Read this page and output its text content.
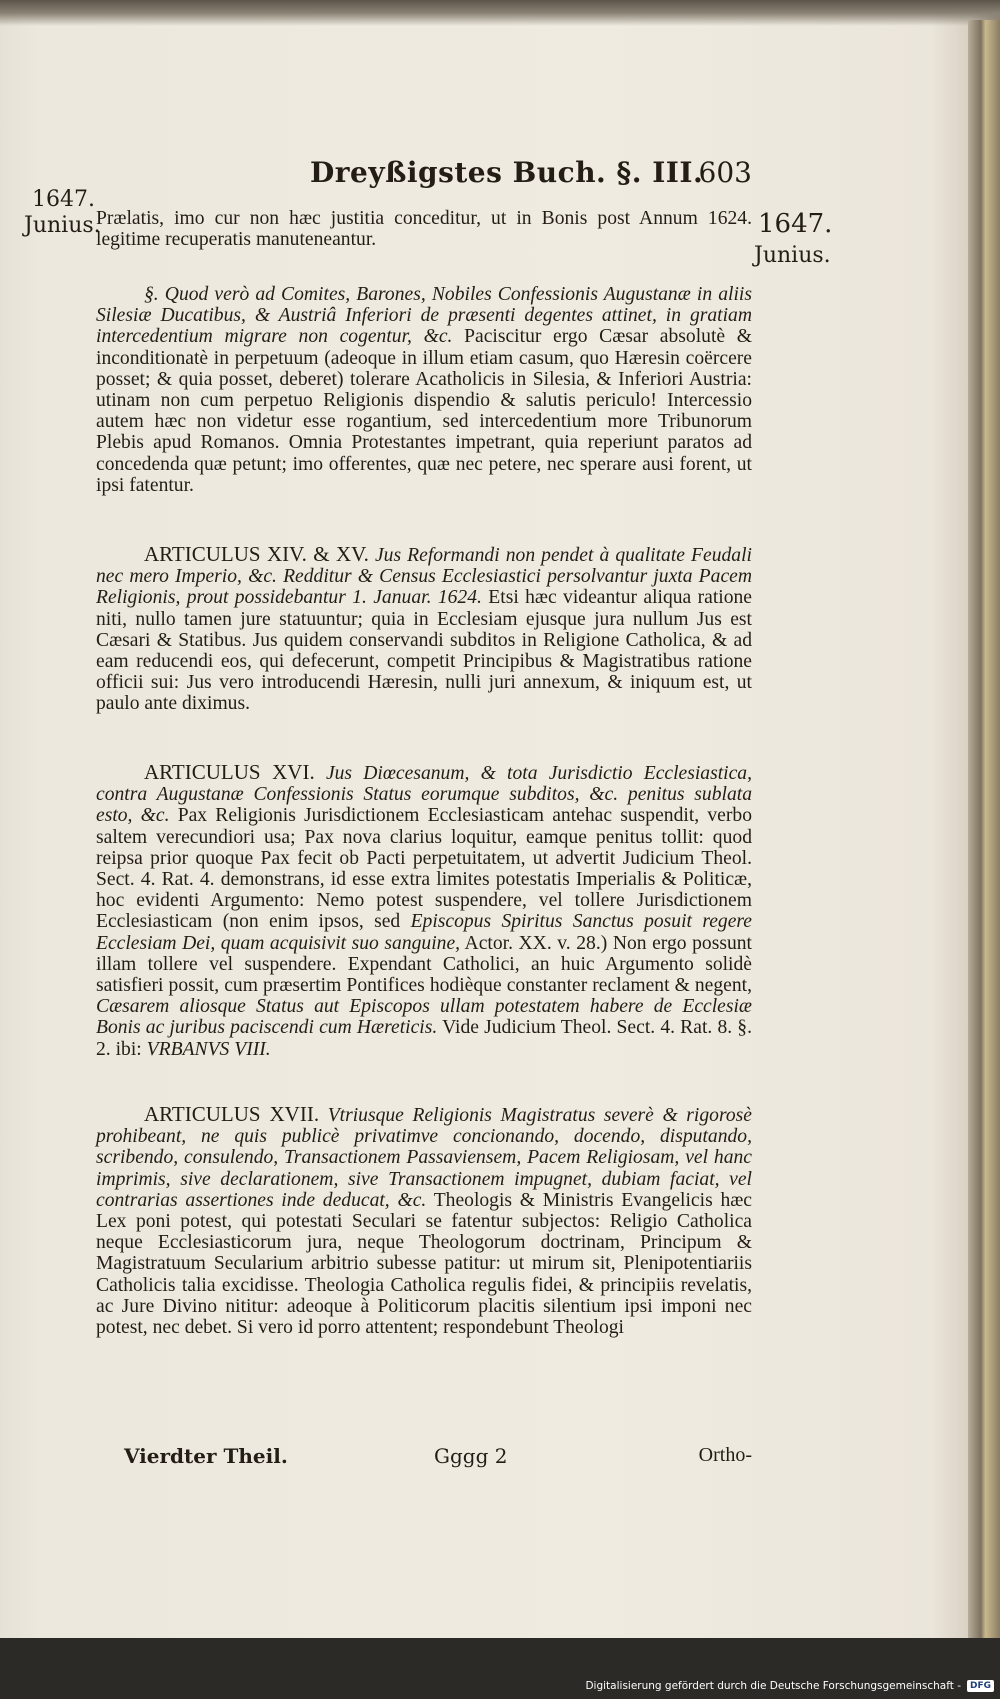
Dreyßigstes Buch. §. III.
603
1647.
Junius.	1647.
Junius.

Prælatis, imo cur non hæc justitia conceditur, ut in Bonis post Annum 1624. legitime recuperatis manuteneantur.

§. Quod verò ad Comites, Barones, Nobiles Confessionis Augustanæ in aliis Silesiæ Ducatibus, & Austriâ Inferiori de præsenti degentes attinet, in gratiam intercedentium migrare non cogentur, &c. Paciscitur ergo Cæsar absolutè & inconditionatè in perpetuum (adeoque in illum etiam casum, quo Hæresin coërcere posset; & quia posset, deberet) tolerare Acatholicis in Silesia, & Inferiori Austria: utinam non cum perpetuo Religionis dispendio & salutis periculo! Intercessio autem hæc non videtur esse rogantium, sed intercedentium more Tribunorum Plebis apud Romanos. Omnia Protestantes impetrant, quia reperiunt paratos ad concedenda quæ petunt; imo offerentes, quæ nec petere, nec sperare ausi forent, ut ipsi fatentur.

ARTICULUS XIV. & XV. Jus Reformandi non pendet à qualitate Feudali nec mero Imperio, &c. Redditur & Census Ecclesiastici persolvantur juxta Pacem Religionis, prout possidebantur 1. Januar. 1624. Etsi hæc videantur aliqua ratione niti, nullo tamen jure statuuntur; quia in Ecclesiam ejusque jura nullum Jus est Cæsari & Statibus. Jus quidem conservandi subditos in Religione Catholica, & ad eam reducendi eos, qui defecerunt, competit Principibus & Magistratibus ratione officii sui: Jus vero introducendi Hæresin, nulli juri annexum, & iniquum est, ut paulo ante diximus.

ARTICULUS XVI. Jus Diœcesanum, & tota Jurisdictio Ecclesiastica, contra Augustanæ Confessionis Status eorumque subditos, &c. penitus sublata esto, &c. Pax Religionis Jurisdictionem Ecclesiasticam antehac suspendit, verbo saltem verecundiori usa; Pax nova clarius loquitur, eamque penitus tollit: quod reipsa prior quoque Pax fecit ob Pacti perpetuitatem, ut advertit Judicium Theol. Sect. 4. Rat. 4. demonstrans, id esse extra limites potestatis Imperialis & Politicæ, hoc evidenti Argumento: Nemo potest suspendere, vel tollere Jurisdictionem Ecclesiasticam (non enim ipsos, sed Episcopus Spiritus Sanctus posuit regere Ecclesiam Dei, quam acquisivit suo sanguine, Actor. XX. v. 28.) Non ergo possunt illam tollere vel suspendere. Expendant Catholici, an huic Argumento solidè satisfieri possit, cum præsertim Pontifices hodièque constanter reclament & negent, Cæsarem aliosque Status aut Episcopos ullam potestatem habere de Ecclesiæ Bonis ac juribus paciscendi cum Hæreticis. Vide Judicium Theol. Sect. 4. Rat. 8. §. 2. ibi: VRBANVS VIII.

ARTICULUS XVII. Vtriusque Religionis Magistratus severè & rigorosè prohibeant, ne quis publicè privatimve concionando, docendo, disputando, scribendo, consulendo, Transactionem Passaviensem, Pacem Religiosam, vel hanc imprimis, sive declarationem, sive Transactionem impugnet, dubiam faciat, vel contrarias assertiones inde deducat, &c. Theologis & Ministris Evangelicis hæc Lex poni potest, qui potestati Seculari se fatentur subjectos: Religio Catholica neque Ecclesiasticorum jura, neque Theologorum doctrinam, Principum & Magistratuum Secularium arbitrio subesse patitur: ut mirum sit, Plenipotentiariis Catholicis talia excidisse. Theologia Catholica regulis fidei, & principiis revelatis, ac Jure Divino nititur: adeoque à Politicorum placitis silentium ipsi imponi nec potest, nec debet. Si vero id porro attentent; respondebunt Theologi

Vierdter Theil.	Gggg 2	Ortho-
Digitalisierung gefördert durch die Deutsche Forschungsgemeinschaft -	DFG
